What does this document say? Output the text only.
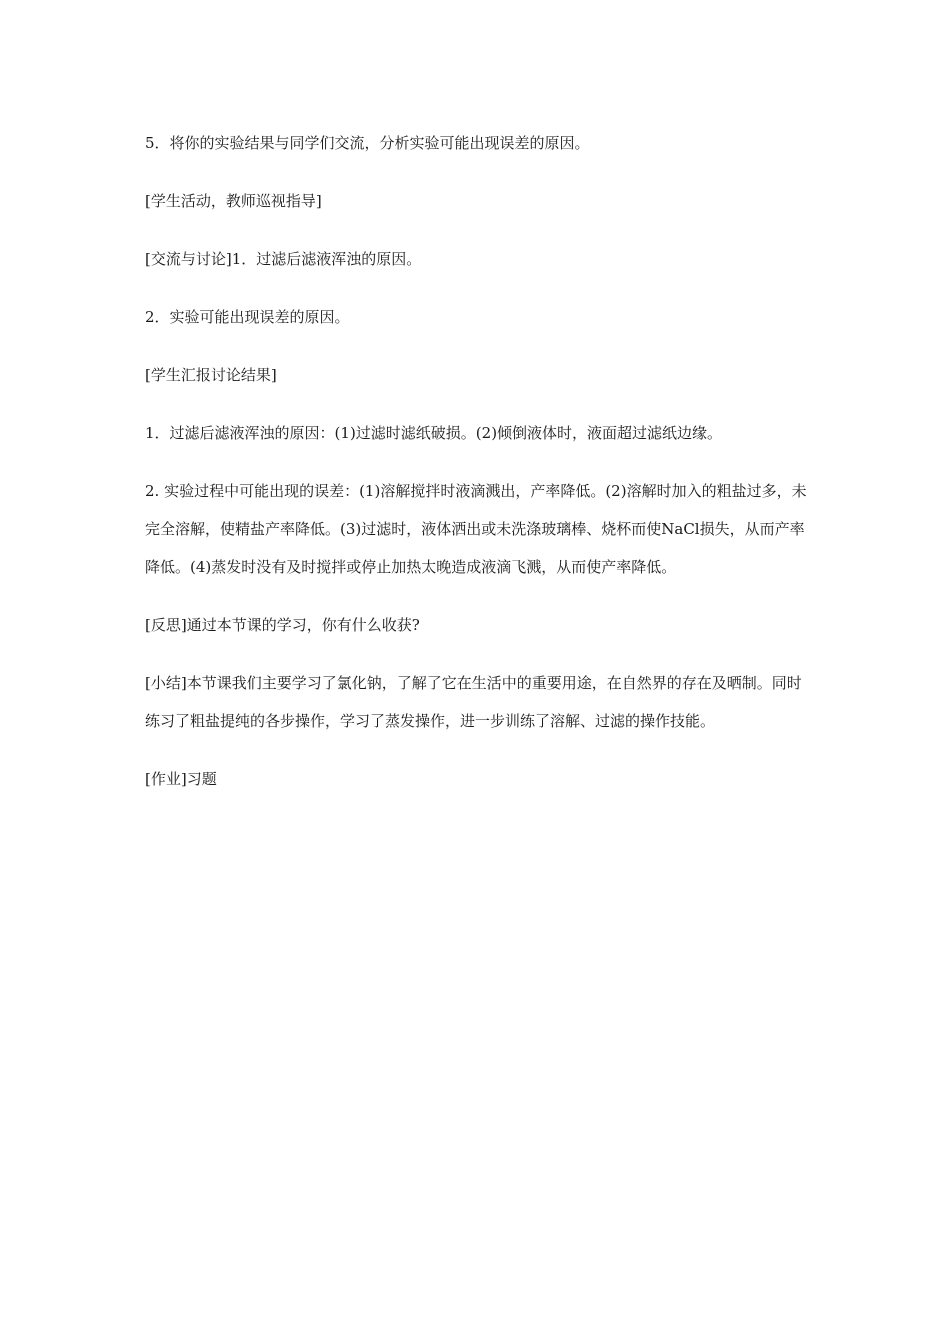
5．将你的实验结果与同学们交流，分析实验可能出现误差的原因。

[学生活动，教师巡视指导]

[交流与讨论]1．过滤后滤液浑浊的原因。

2．实验可能出现误差的原因。

[学生汇报讨论结果]

1．过滤后滤液浑浊的原因：(1)过滤时滤纸破损。(2)倾倒液体时，液面超过滤纸边缘。

2. 实验过程中可能出现的误差：(1)溶解搅拌时液滴溅出，产率降低。(2)溶解时加入的粗盐过多，未完全溶解，使精盐产率降低。(3)过滤时，液体洒出或未洗涤玻璃棒、烧杯而使NaCl损失，从而产率降低。(4)蒸发时没有及时搅拌或停止加热太晚造成液滴飞溅，从而使产率降低。

[反思]通过本节课的学习，你有什么收获?

[小结]本节课我们主要学习了氯化钠，了解了它在生活中的重要用途，在自然界的存在及晒制。同时练习了粗盐提纯的各步操作，学习了蒸发操作，进一步训练了溶解、过滤的操作技能。

[作业]习题
